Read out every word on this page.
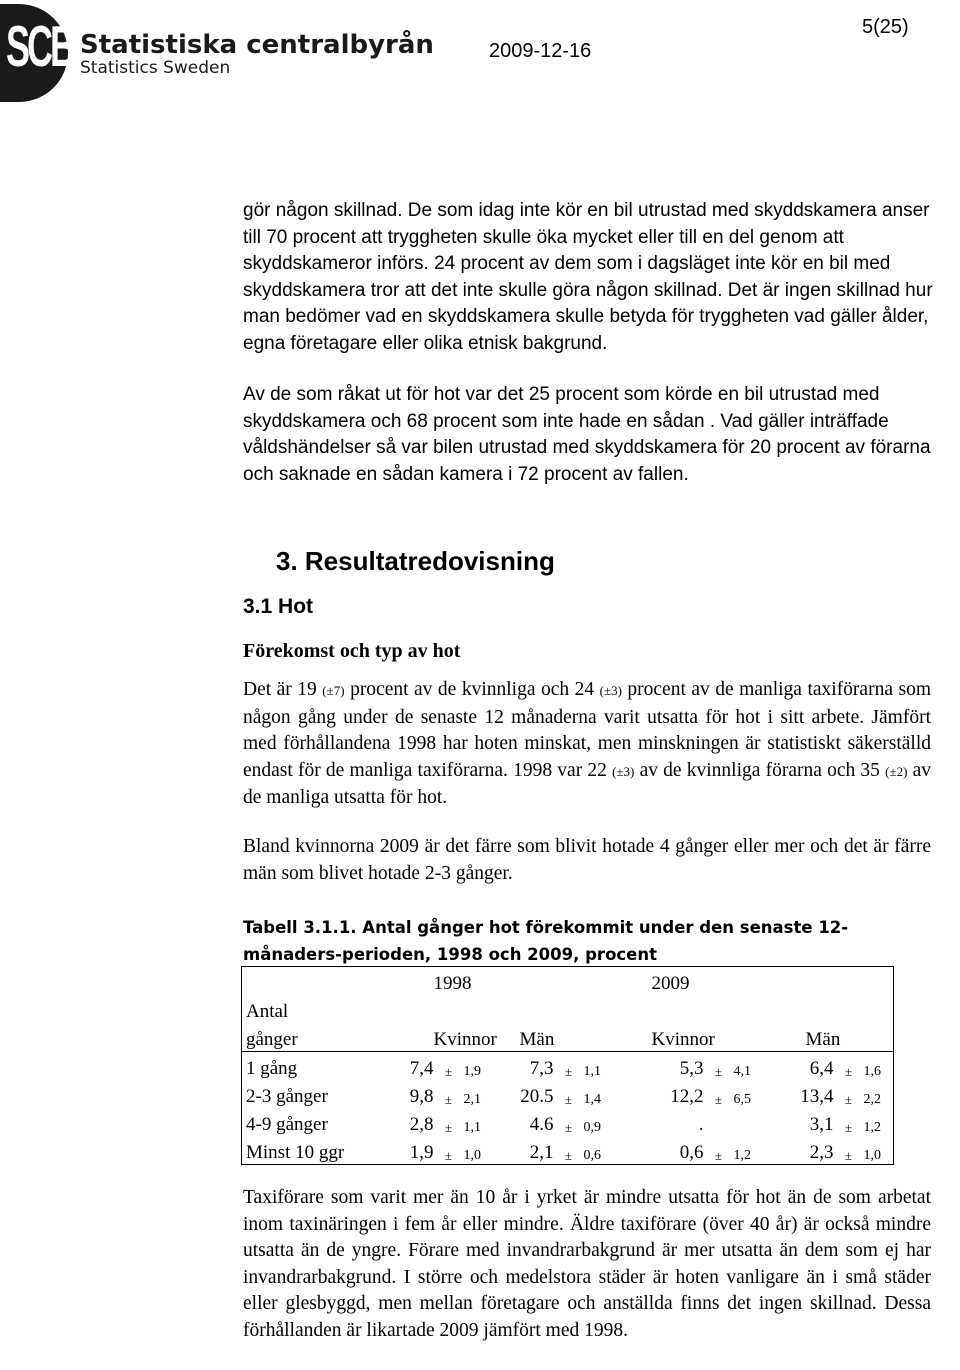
SCB Statistiska centralbyrån
Statistics Sweden
2009-12-16
5(25)

gör någon skillnad. De som idag inte kör en bil utrustad med skyddskamera anser till 70 procent att tryggheten skulle öka mycket eller till en del genom att skyddskameror införs. 24 procent av dem som i dagsläget inte kör en bil med skyddskamera tror att det inte skulle göra någon skillnad. Det är ingen skillnad hur man bedömer vad en skyddskamera skulle betyda för tryggheten vad gäller ålder, egna företagare eller olika etnisk bakgrund.

Av de som råkat ut för hot var det 25 procent som körde en bil utrustad med skyddskamera och 68 procent som inte hade en sådan . Vad gäller inträffade våldshändelser så var bilen utrustad med skyddskamera för 20 procent av förarna och saknade en sådan kamera i 72 procent av fallen.

3. Resultatredovisning
3.1 Hot
Förekomst och typ av hot

Det är 19 (±7) procent av de kvinnliga och 24 (±3) procent av de manliga taxiförarna som någon gång under de senaste 12 månaderna varit utsatta för hot i sitt arbete. Jämfört med förhållandena 1998 har hoten minskat, men minskningen är statistiskt säkerställd endast för de manliga taxiförarna. 1998 var 22 (±3) av de kvinnliga förarna och 35 (±2) av de manliga utsatta för hot.

Bland kvinnorna 2009 är det färre som blivit hotade 4 gånger eller mer och det är färre män som blivet hotade 2-3 gånger.

Tabell 3.1.1. Antal gånger hot förekommit under den senaste 12-månaders-perioden, 1998 och 2009, procent
	1998						2009					
Antal												
gånger	Kvinnor			Män			Kvinnor			Män		
1 gång	7,4	±	1,9	7,3	±	1,1	5,3	±	4,1	6,4	±	1,6
2-3 gånger	9,8	±	2,1	20.5	±	1,4	12,2	±	6,5	13,4	±	2,2
4-9 gånger	2,8	±	1,1	4.6	±	0,9	.			3,1	±	1,2
Minst 10 ggr	1,9	±	1,0	2,1	±	0,6	0,6	±	1,2	2,3	±	1,0

Taxiförare som varit mer än 10 år i yrket är mindre utsatta för hot än de som arbetat inom taxinäringen i fem år eller mindre. Äldre taxiförare (över 40 år) är också mindre utsatta än de yngre. Förare med invandrarbakgrund är mer utsatta än dem som ej har invandrarbakgrund. I större och medelstora städer är hoten vanligare än i små städer eller glesbyggd, men mellan företagare och anställda finns det ingen skillnad. Dessa förhållanden är likartade 2009 jämfört med 1998.
